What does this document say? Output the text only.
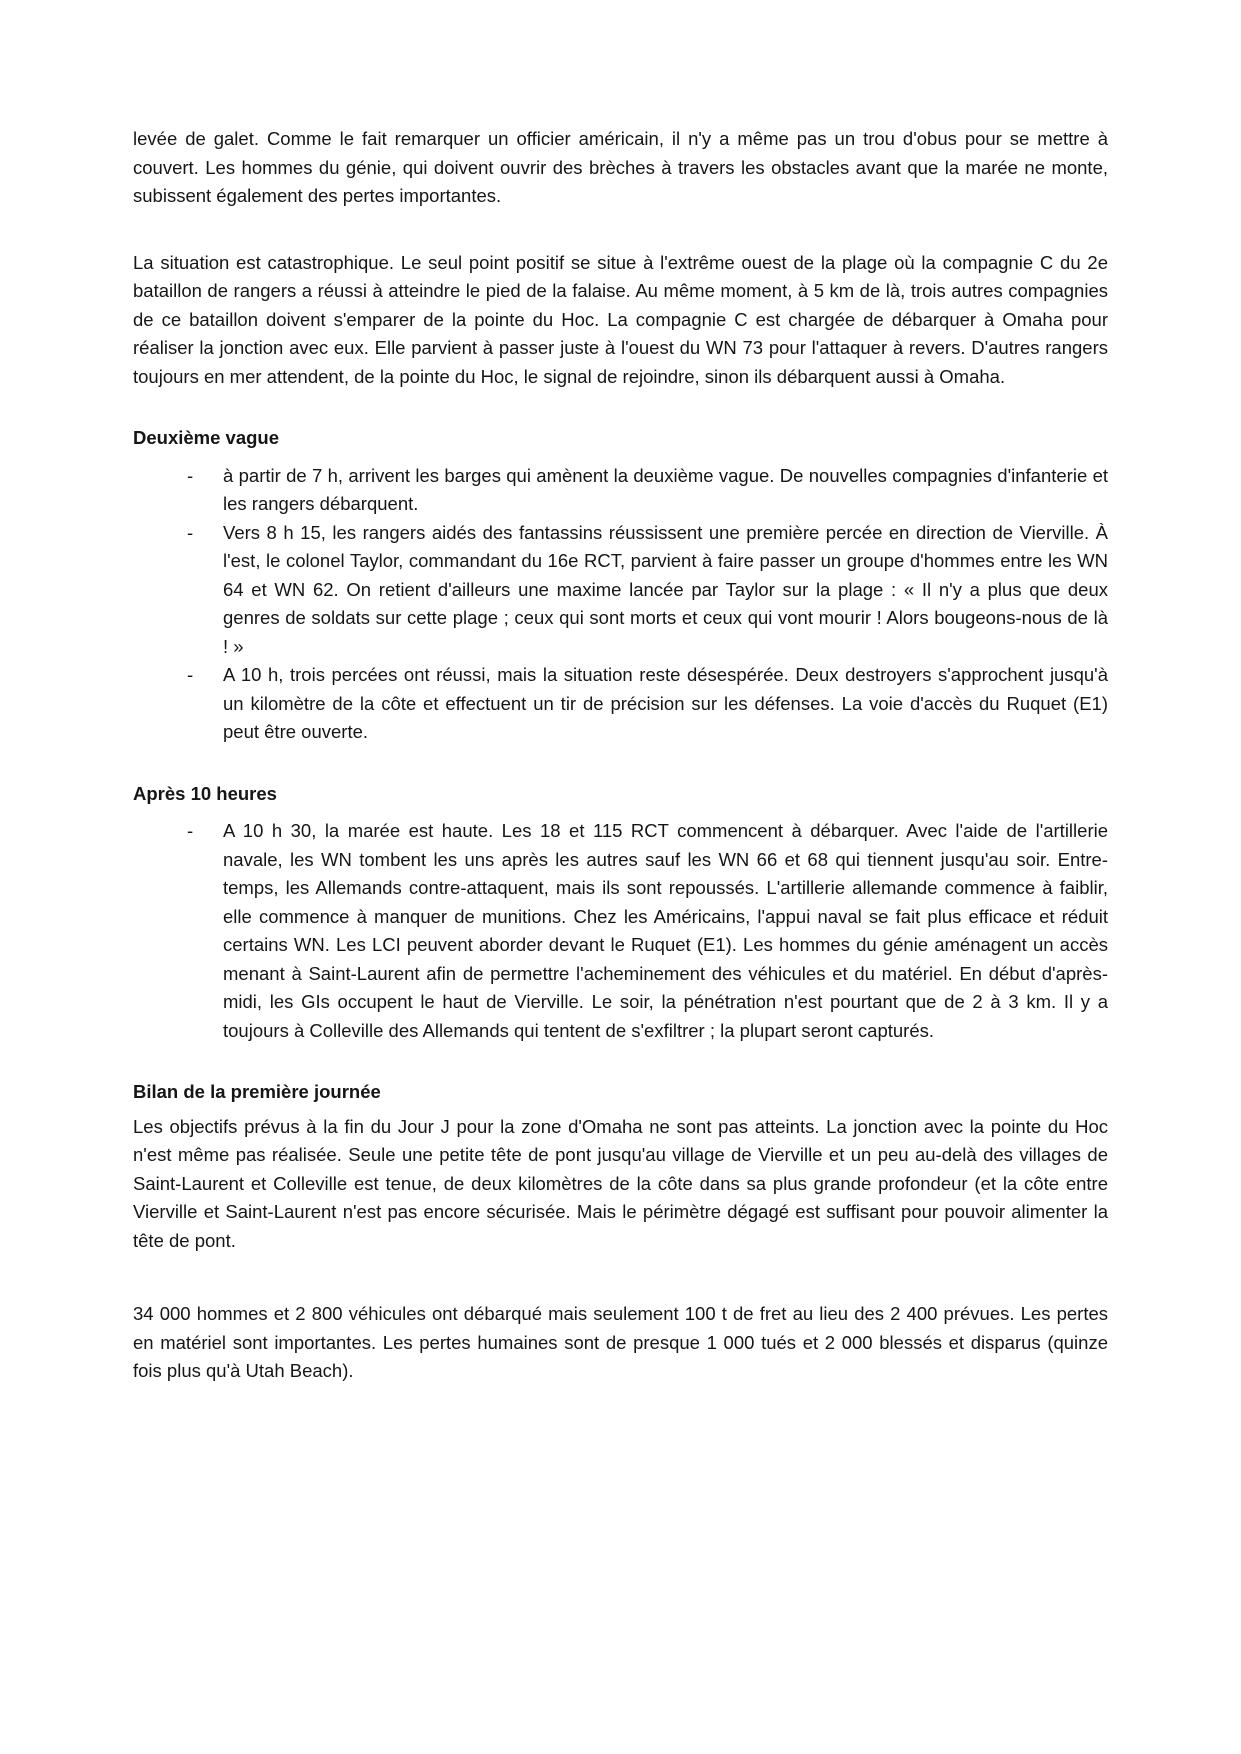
levée de galet. Comme le fait remarquer un officier américain, il n'y a même pas un trou d'obus pour se mettre à couvert. Les hommes du génie, qui doivent ouvrir des brèches à travers les obstacles avant que la marée ne monte, subissent également des pertes importantes.

La situation est catastrophique. Le seul point positif se situe à l'extrême ouest de la plage où la compagnie C du 2e bataillon de rangers a réussi à atteindre le pied de la falaise. Au même moment, à 5 km de là, trois autres compagnies de ce bataillon doivent s'emparer de la pointe du Hoc. La compagnie C est chargée de débarquer à Omaha pour réaliser la jonction avec eux. Elle parvient à passer juste à l'ouest du WN 73 pour l'attaquer à revers. D'autres rangers toujours en mer attendent, de la pointe du Hoc, le signal de rejoindre, sinon ils débarquent aussi à Omaha.

Deuxième vague
- à partir de 7 h, arrivent les barges qui amènent la deuxième vague. De nouvelles compagnies d'infanterie et les rangers débarquent.
- Vers 8 h 15, les rangers aidés des fantassins réussissent une première percée en direction de Vierville. À l'est, le colonel Taylor, commandant du 16e RCT, parvient à faire passer un groupe d'hommes entre les WN 64 et WN 62. On retient d'ailleurs une maxime lancée par Taylor sur la plage : « Il n'y a plus que deux genres de soldats sur cette plage ; ceux qui sont morts et ceux qui vont mourir ! Alors bougeons-nous de là ! »
- A 10 h, trois percées ont réussi, mais la situation reste désespérée. Deux destroyers s'approchent jusqu'à un kilomètre de la côte et effectuent un tir de précision sur les défenses. La voie d'accès du Ruquet (E1) peut être ouverte.
Après 10 heures
- A 10 h 30, la marée est haute. Les 18 et 115 RCT commencent à débarquer. Avec l'aide de l'artillerie navale, les WN tombent les uns après les autres sauf les WN 66 et 68 qui tiennent jusqu'au soir. Entre-temps, les Allemands contre-attaquent, mais ils sont repoussés. L'artillerie allemande commence à faiblir, elle commence à manquer de munitions. Chez les Américains, l'appui naval se fait plus efficace et réduit certains WN. Les LCI peuvent aborder devant le Ruquet (E1). Les hommes du génie aménagent un accès menant à Saint-Laurent afin de permettre l'acheminement des véhicules et du matériel. En début d'après-midi, les GIs occupent le haut de Vierville. Le soir, la pénétration n'est pourtant que de 2 à 3 km. Il y a toujours à Colleville des Allemands qui tentent de s'exfiltrer ; la plupart seront capturés.
Bilan de la première journée

Les objectifs prévus à la fin du Jour J pour la zone d'Omaha ne sont pas atteints. La jonction avec la pointe du Hoc n'est même pas réalisée. Seule une petite tête de pont jusqu'au village de Vierville et un peu au-delà des villages de Saint-Laurent et Colleville est tenue, de deux kilomètres de la côte dans sa plus grande profondeur (et la côte entre Vierville et Saint-Laurent n'est pas encore sécurisée. Mais le périmètre dégagé est suffisant pour pouvoir alimenter la tête de pont.

34 000 hommes et 2 800 véhicules ont débarqué mais seulement 100 t de fret au lieu des 2 400 prévues. Les pertes en matériel sont importantes. Les pertes humaines sont de presque 1 000 tués et 2 000 blessés et disparus (quinze fois plus qu'à Utah Beach).
